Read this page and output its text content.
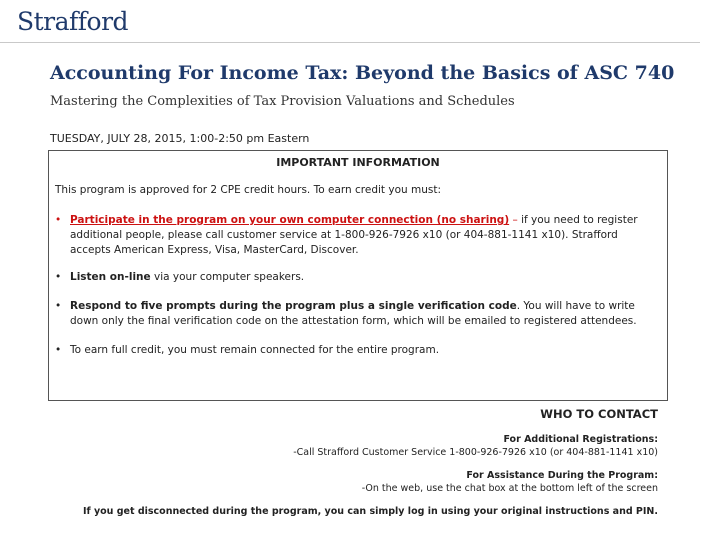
Strafford
Accounting For Income Tax: Beyond the Basics of ASC 740
Mastering the Complexities of Tax Provision Valuations and Schedules
TUESDAY, JULY 28, 2015, 1:00-2:50 pm Eastern
IMPORTANT INFORMATION
This program is approved for 2 CPE credit hours. To earn credit you must:
• Participate in the program on your own computer connection (no sharing) – if you need to register additional people, please call customer service at 1-800-926-7926 x10 (or 404-881-1141 x10). Strafford accepts American Express, Visa, MasterCard, Discover.
• Listen on-line via your computer speakers.
• Respond to five prompts during the program plus a single verification code. You will have to write down only the final verification code on the attestation form, which will be emailed to registered attendees.
• To earn full credit, you must remain connected for the entire program.
WHO TO CONTACT
For Additional Registrations:
-Call Strafford Customer Service 1-800-926-7926 x10 (or 404-881-1141 x10)
For Assistance During the Program:
-On the web, use the chat box at the bottom left of the screen
If you get disconnected during the program, you can simply log in using your original instructions and PIN.
